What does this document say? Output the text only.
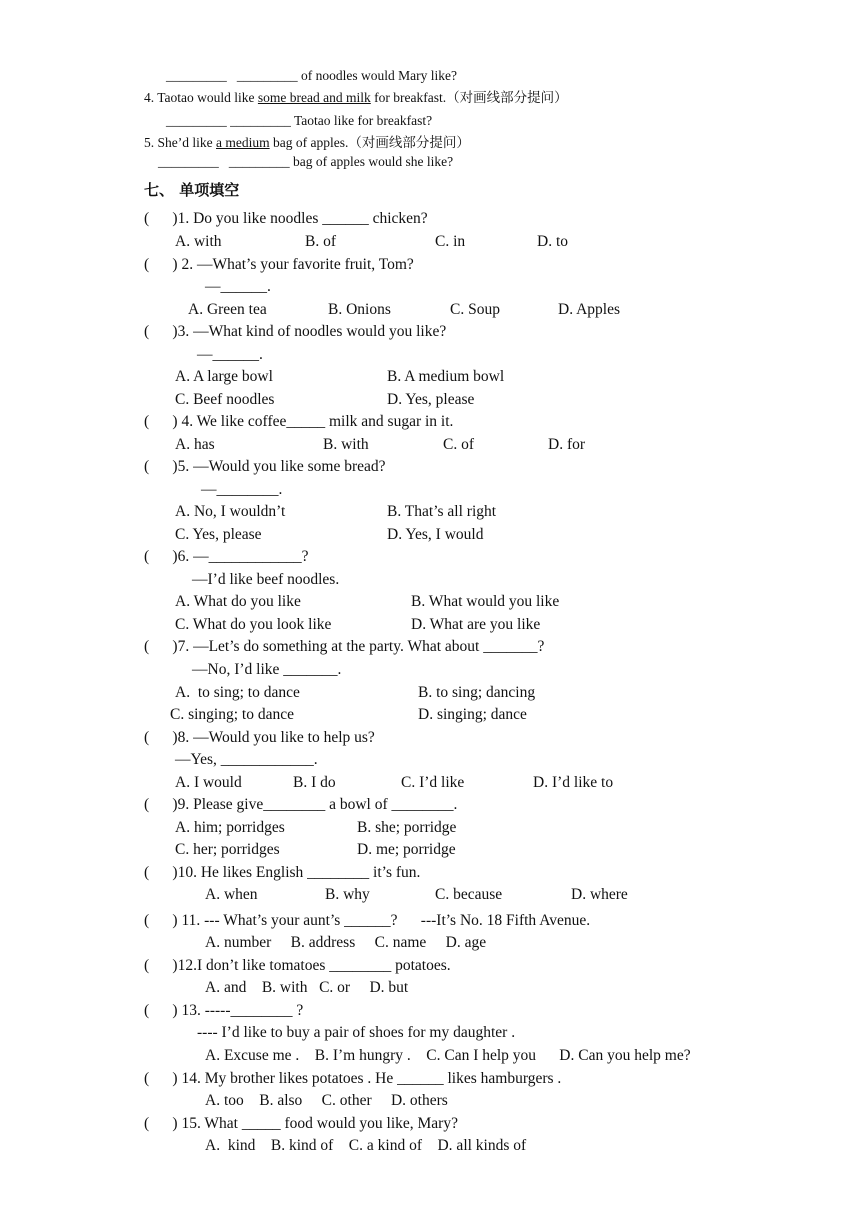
_________   _________ of noodles would Mary like?
4. Taotao would like some bread and milk for breakfast.（对画线部分提问）
_________ _________ Taotao like for breakfast?
5. She’d like a medium bag of apples.（对画线部分提问）
_________   _________ bag of apples would she like?
七、 单项填空
(      )1. Do you like noodles ______ chicken?
A. with	B. of	C. in	D. to
(      ) 2. —What’s your favorite fruit, Tom?
—______.
A. Green tea	B. Onions	C. Soup	D. Apples
(      )3. —What kind of noodles would you like?
—______.
A. A large bowl	B. A medium bowl
C. Beef noodles	D. Yes, please
(      ) 4. We like coffee_____ milk and sugar in it.
A. has	B. with	C. of	D. for
(      )5. —Would you like some bread?
—________.
A. No, I wouldn’t	B. That’s all right
C. Yes, please	D. Yes, I would
(      )6. —____________?
—I’d like beef noodles.
A. What do you like	B. What would you like
C. What do you look like	D. What are you like
(      )7. —Let’s do something at the party. What about _______?
—No, I’d like _______.
A.  to sing; to dance	B. to sing; dancing
C. singing; to dance	D. singing; dance
(      )8. —Would you like to help us?
—Yes, ____________.
A. I would	B. I do	C. I’d like	D. I’d like to
(      )9. Please give________ a bowl of ________.
A. him; porridges	B. she; porridge
C. her; porridges	D. me; porridge
(      )10. He likes English ________ it’s fun.
A. when	B. why	C. because	D. where
(      ) 11. --- What’s your aunt’s ______?      ---It’s No. 18 Fifth Avenue.
A. number     B. address     C. name     D. age
(      )12.I don’t like tomatoes ________ potatoes.
A. and    B. with   C. or     D. but
(      ) 13. -----________ ?
---- I’d like to buy a pair of shoes for my daughter .
A. Excuse me .    B. I’m hungry .    C. Can I help you      D. Can you help me?
(      ) 14. My brother likes potatoes . He ______ likes hamburgers .
A. too    B. also     C. other     D. others
(      ) 15. What _____ food would you like, Mary?
A.  kind    B. kind of    C. a kind of    D. all kinds of
